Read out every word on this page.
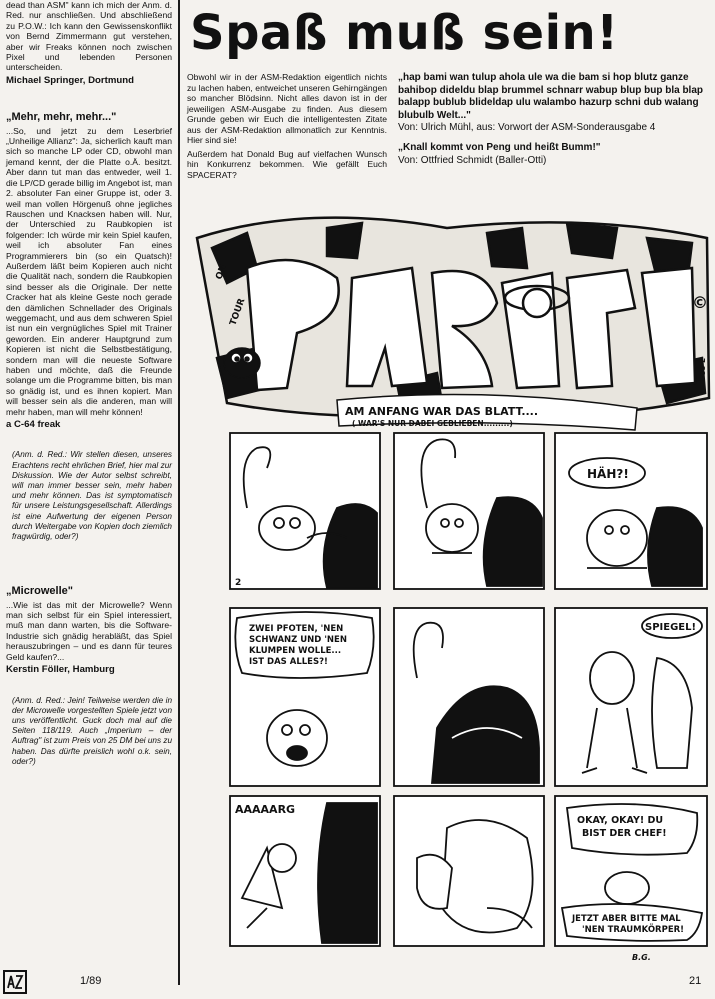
dead than ASM" kann ich mich der Anm. d. Red. nur anschließen. Und abschließend zu P.O.W.: Ich kann den Gewissenskonflikt von Bernd Zimmermann gut verstehen, aber wir Freaks können noch zwischen Pixel und lebenden Personen unterscheiden.

Michael Springer, Dortmund
„Mehr, mehr, mehr..."

...So, und jetzt zu dem Leserbrief „Unheilige Allianz": Ja, sicherlich kauft man sich so manche LP oder CD, obwohl man jemand kennt, der die Platte o.Ä. besitzt. Aber dann tut man das entweder, weil 1. die LP/CD gerade billig im Angebot ist, man 2. absoluter Fan einer Gruppe ist, oder 3. weil man vollen Hörgenuß ohne jegliches Rauschen und Knacksen haben will. Nur, der Unterschied zu Raubkopien ist folgender: Ich würde mir kein Spiel kaufen, weil ich absoluter Fan eines Programmierers bin (so ein Quatsch)! Außerdem läßt beim Kopieren auch nicht die Qualität nach, sondern die Raubkopien sind besser als die Originale. Der nette Cracker hat als kleine Geste noch gerade den dämlichen Schnellader des Originals weggemacht, und aus dem schweren Spiel ist nun ein vergnügliches Spiel mit Trainer geworden. Ein anderer Hauptgrund zum Kopieren ist nicht die Selbstbestätigung, sondern man will die neueste Software haben und möchte, daß die Freunde solange um die Programme bitten, bis man so gnädig ist, und es ihnen kopiert. Man will besser sein als die anderen, man will mehr haben, man will mehr können!

a C-64 freak

(Anm. d. Red.: Wir stellen diesen, unseres Erachtens recht ehrlichen Brief, hier mal zur Diskussion. Wie der Autor selbst schreibt, will man immer besser sein, mehr haben und mehr können. Das ist symptomatisch für unsere Leistungsgesellschaft. Allerdings ist eine Aufwertung der eigenen Person durch Weitergabe von Kopien doch ziemlich fragwürdig, oder?)

„Microwelle"

...Wie ist das mit der Microwelle? Wenn man sich selbst für ein Spiel interessiert, muß man dann warten, bis die Software-Industrie sich gnädig herabläßt, das Spiel herauszubringen – und es dann für teures Geld kaufen?...

Kerstin Föller, Hamburg

(Anm. d. Red.: Jein! Teilweise werden die in der Microwelle vorgestellten Spiele jetzt von uns veröffentlicht. Guck doch mal auf die Seiten 118/119. Auch „Imperium – der Auftrag" ist zum Preis von 25 DM bei uns zu haben. Das dürfte preislich wohl o.k. sein, oder?)

Spaß muß sein!

Obwohl wir in der ASM-Redaktion eigentlich nichts zu lachen haben, entweichet unseren Gehirngängen so mancher Blödsinn. Nicht alles davon ist in der jeweiligen ASM-Ausgabe zu finden. Aus diesem Grunde geben wir Euch die intelligentesten Zitate aus der ASM-Redaktion allmonatlich zur Kenntnis. Hier sind sie!

Außerdem hat Donald Bug auf vielfachen Wunsch hin Konkurrenz bekommen. Wie gefällt Euch SPACERAT?

„hap bami wan tulup ahola ule wa die bam si hop blutz ganze bahibop dideldu blap brummel schnarr wabup blup bup bla blap balapp bublub blideldap ulu walambo hazurp schni dub walang blubulb Welt..."
Von: Ulrich Mühl, aus: Vorwort der ASM-Sonderausgabe 4
„Knall kommt von Peng und heißt Bumm!"
Von: Ottfried Schmidt (Baller-Otti)
©
ON
TOUR
7-88
AM ANFANG WAR DAS BLATT....
( WAR'S NUR DABEI GEBLIEBEN.........)
2
HÄH?!
ZWEI PFOTEN, 'NEN
SCHWANZ UND 'NEN
KLUMPEN WOLLE...
IST DAS ALLES?!
SPIEGEL!
AAAAARG
OKAY, OKAY! DU
BIST DER CHEF!
JETZT ABER BITTE MAL
'NEN TRAUMKÖRPER!
B.G.
1/89	21
